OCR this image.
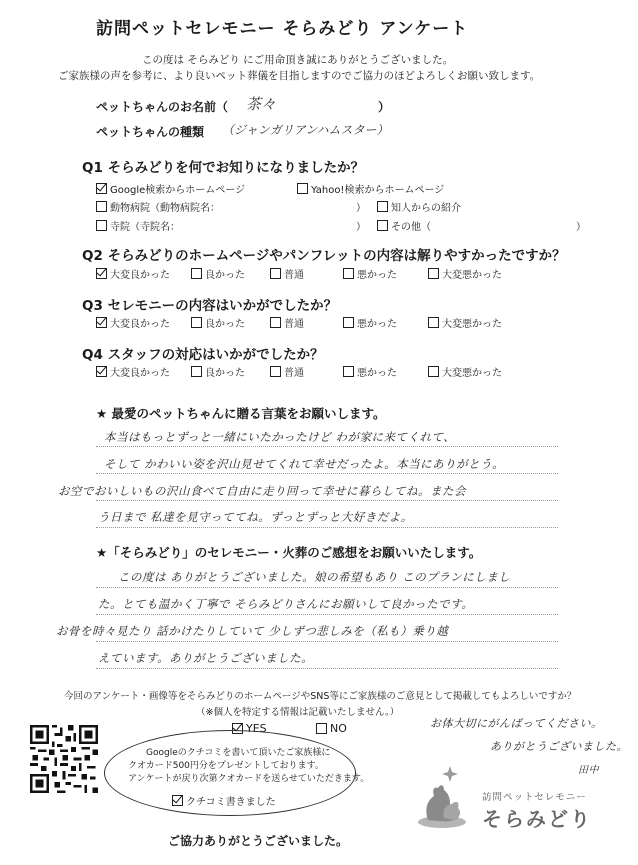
訪問ペットセレモニー そらみどり アンケート
この度は そらみどり にご用命頂き誠にありがとうございました。
ご家族様の声を参考に、より良いペット葬儀を目指しますのでご協力のほどよろしくお願い致します。
ペットちゃんのお名前（ 茶々	）
ペットちゃんの種類 （ジャンガリアンハムスター）
Q1 そらみどりを何でお知りになりましたか？
Google検索からホームページ	Yahoo!検索からホームページ
動物病院（動物病院名：	）	知人からの紹介
寺院（寺院名：	）	その他（	）
Q2 そらみどりのホームページやパンフレットの内容は解りやすかったですか？
大変良かった	良かった	普通	悪かった	大変悪かった
Q3 セレモニーの内容はいかがでしたか？
大変良かった	良かった	普通	悪かった	大変悪かった
Q4 スタッフの対応はいかがでしたか？
大変良かった	良かった	普通	悪かった	大変悪かった
★ 最愛のペットちゃんに贈る言葉をお願いします。
本当はもっとずっと一緒にいたかったけど わが家に来てくれて、
そして かわいい姿を沢山見せてくれて幸せだったよ。本当にありがとう。
お空でおいしいもの沢山食べて自由に走り回って幸せに暮らしてね。また会
う日まで 私達を見守っててね。ずっとずっと大好きだよ。
★「そらみどり」のセレモニー・火葬のご感想をお願いいたします。
この度は ありがとうございました。娘の希望もあり このプランにしまし
た。とても温かく丁寧で そらみどりさんにお願いして良かったです。
お骨を時々見たり 話かけたりしていて 少しずつ悲しみを（私も）乗り越
えています。ありがとうございました。
今回のアンケート・画像等をそらみどりのホームページやSNS等にご家族様のご意見として掲載してもよろしいですか？
（※個人を特定する情報は記載いたしません。）
YES	NO
Googleのクチコミを書いて頂いたご家族様に
クオカード500円分をプレゼントしております。
アンケートが戻り次第クオカードを送らせていただきます。
クチコミ書きました
お体大切にがんばってください。
ありがとうございました。
田中
訪問ペットセレモニー
そらみどり
ご協力ありがとうございました。
